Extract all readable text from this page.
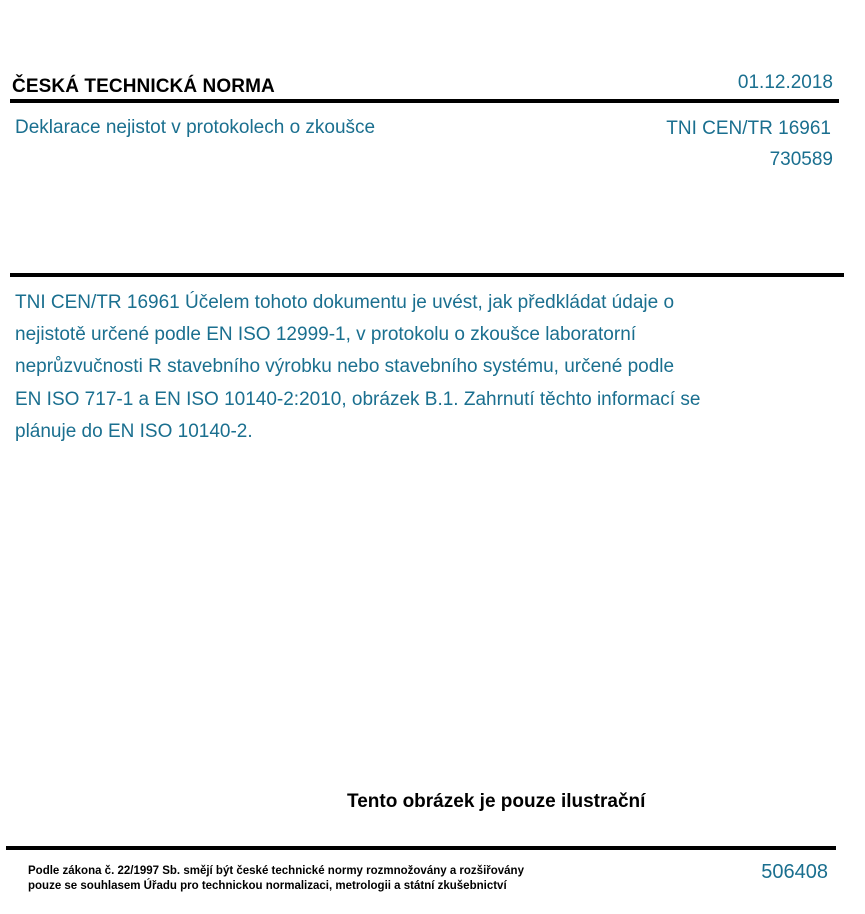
ČESKÁ TECHNICKÁ NORMA	01.12.2018
Deklarace nejistot v protokolech o zkoušce	TNI CEN/TR 16961
730589

TNI CEN/TR 16961 Účelem tohoto dokumentu je uvést, jak předkládat údaje o nejistotě určené podle EN ISO 12999-1, v protokolu o zkoušce laboratorní neprůzvučnosti R stavebního výrobku nebo stavebního systému, určené podle EN ISO 717-1 a EN ISO 10140-2:2010, obrázek B.1. Zahrnutí těchto informací se plánuje do EN ISO 10140-2.

Tento obrázek je pouze ilustrační
Podle zákona č. 22/1997 Sb. smějí být české technické normy rozmnožovány a rozšiřovány
pouze se souhlasem Úřadu pro technickou normalizaci, metrologii a státní zkušebnictví
506408
